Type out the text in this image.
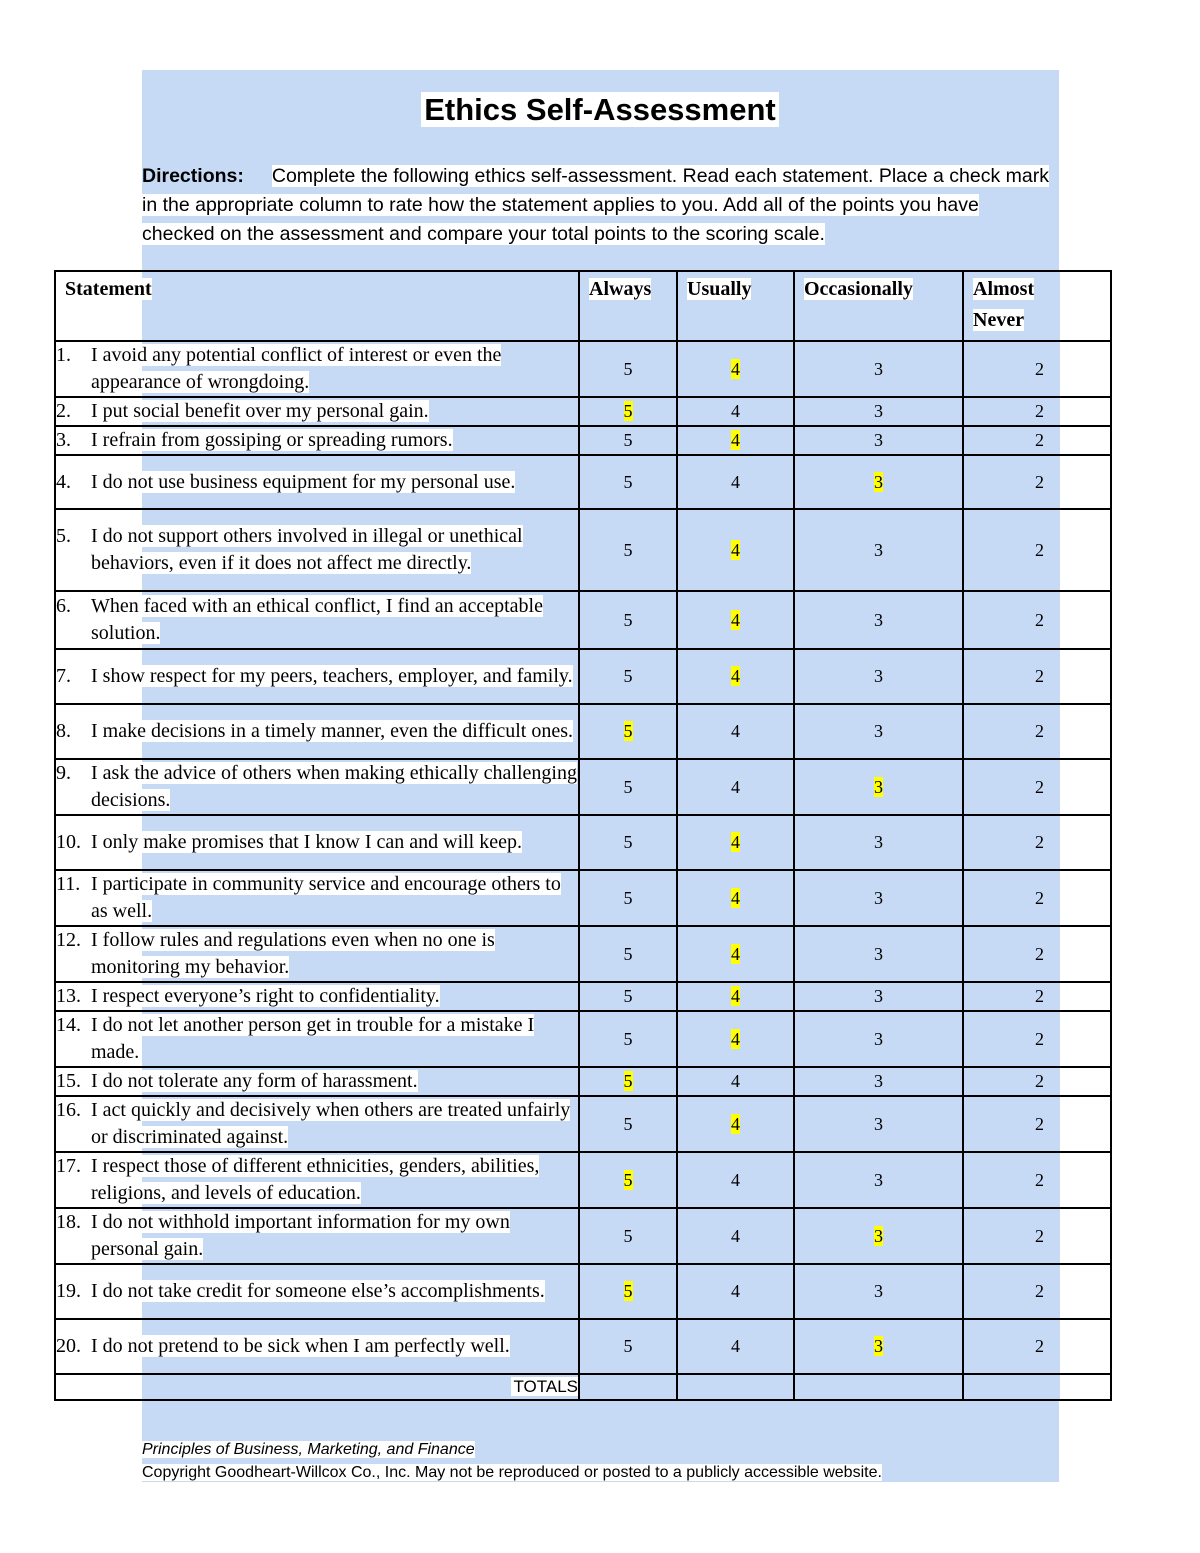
Ethics Self-Assessment
Directions: Complete the following ethics self-assessment. Read each statement. Place a check mark in the appropriate column to rate how the statement applies to you. Add all of the points you have checked on the assessment and compare your total points to the scoring scale.
Statement	Always	Usually	Occasionally	Almost
Never

1. I avoid any potential conflict of interest or even the appearance of wrongdoing.	5	4	3	2

2. I put social benefit over my personal gain.	5	4	3	2

3. I refrain from gossiping or spreading rumors.	5	4	3	2

4. I do not use business equipment for my personal use.	5	4	3	2

5. I do not support others involved in illegal or unethical behaviors, even if it does not affect me directly.	5	4	3	2

6. When faced with an ethical conflict, I find an acceptable solution.	5	4	3	2

7. I show respect for my peers, teachers, employer, and family.	5	4	3	2

8. I make decisions in a timely manner, even the difficult ones.	5	4	3	2

9. I ask the advice of others when making ethically challenging decisions.	5	4	3	2

10. I only make promises that I know I can and will keep.	5	4	3	2

11. I participate in community service and encourage others to as well.	5	4	3	2

12. I follow rules and regulations even when no one is monitoring my behavior.	5	4	3	2

13. I respect everyone’s right to confidentiality.	5	4	3	2

14. I do not let another person get in trouble for a mistake I made.	5	4	3	2

15. I do not tolerate any form of harassment.	5	4	3	2

16. I act quickly and decisively when others are treated unfairly or discriminated against.	5	4	3	2

17. I respect those of different ethnicities, genders, abilities, religions, and levels of education.	5	4	3	2

18. I do not withhold important information for my own personal gain.	5	4	3	2

19. I do not take credit for someone else’s accomplishments.	5	4	3	2

20. I do not pretend to be sick when I am perfectly well.	5	4	3	2
TOTALS				
Principles of Business, Marketing, and Finance
Copyright Goodheart-Willcox Co., Inc. May not be reproduced or posted to a publicly accessible website.
